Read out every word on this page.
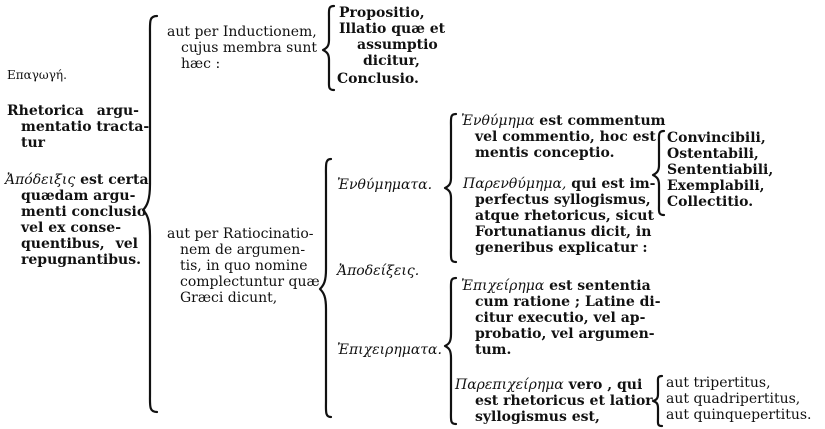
Επαγωγή.
Rhetorica argu-
mentatio tracta-
tur
Ἀπόδειξις est certa
quædam argu-
menti conclusio
vel ex conse-
quentibus, vel
repugnantibus.
aut per Inductionem,
cujus membra sunt
hæc :
aut per Ratiocinatio-
nem de argumen-
tis, in quo nomine
complectuntur quæ
Græci dicunt,
Propositio,
Illatio quæ et
assumptio
dicitur,
Conclusio.
Ἐνθύμηματα.
Ἀποδείξεις.
Ἐπιχειρηματα.
Ἐνθύμημα est commentum
vel commentio, hoc est
mentis conceptio.
Παρενθύμημα, qui est im-
perfectus syllogismus,
atque rhetoricus, sicut
Fortunatianus dicit, in
generibus explicatur :
Convincibili,
Ostentabili,
Sententiabili,
Exemplabili,
Collectitio.
Ἐπιχείρημα est sententia
cum ratione ; Latine di-
citur executio, vel ap-
probatio, vel argumen-
tum.
Παρεπιχείρημα vero , qui
est rhetoricus et latior
syllogismus est,
aut tripertitus,
aut quadripertitus,
aut quinquepertitus.
